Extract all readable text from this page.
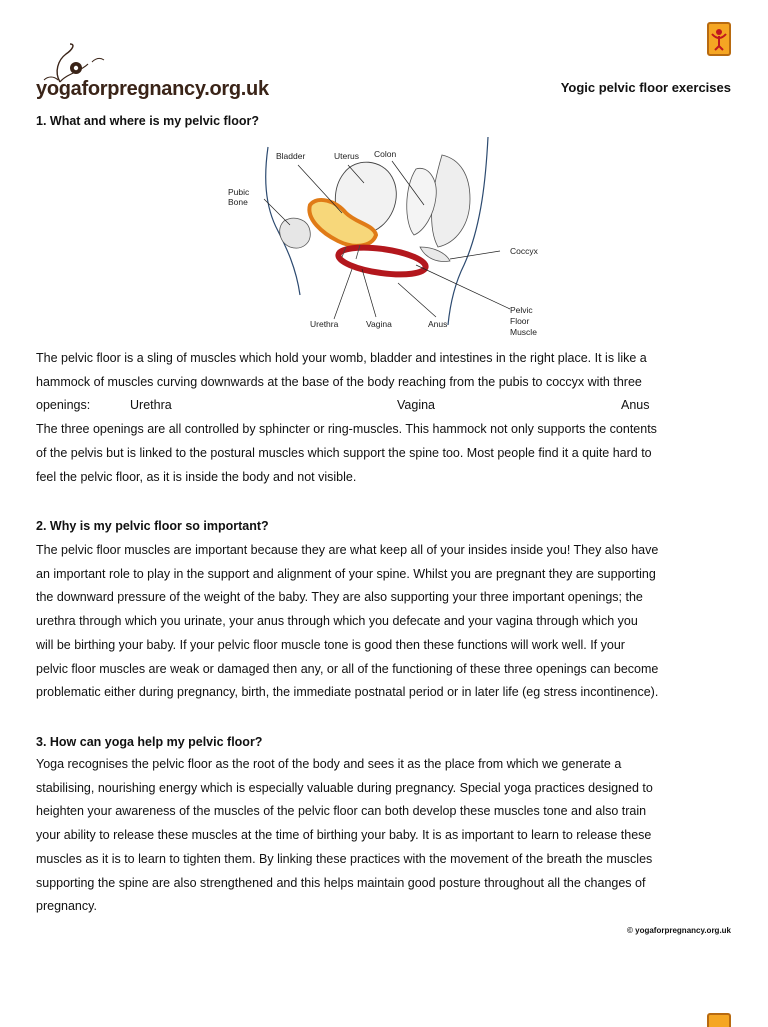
yogaforpregnancy.org.uk	Yogic pelvic floor exercises
1. What and where is my pelvic floor?
Bladder	Uterus Colon
Pubic
Bone
Coccyx
Urethra	Vagina	Anus
Pelvic
Floor
Muscle
The pelvic floor is a sling of muscles which hold your womb, bladder and intestines in the right place. It is like a
hammock of muscles curving downwards at the base of the body reaching from the pubis to coccyx with three
openings:	Urethra	Vagina	Anus
The three openings are all controlled by sphincter or ring-muscles. This hammock not only supports the contents
of the pelvis but is linked to the postural muscles which support the spine too. Most people find it a quite hard to
feel the pelvic floor, as it is inside the body and not visible.
2. Why is my pelvic floor so important?
The pelvic floor muscles are important because they are what keep all of your insides inside you! They also have
an important role to play in the support and alignment of your spine. Whilst you are pregnant they are supporting
the downward pressure of the weight of the baby. They are also supporting your three important openings; the
urethra through which you urinate, your anus through which you defecate and your vagina through which you
will be birthing your baby. If your pelvic floor muscle tone is good then these functions will work well. If your
pelvic floor muscles are weak or damaged then any, or all of the functioning of these three openings can become
problematic either during pregnancy, birth, the immediate postnatal period or in later life (eg stress incontinence).
3. How can yoga help my pelvic floor?
Yoga recognises the pelvic floor as the root of the body and sees it as the place from which we generate a
stabilising, nourishing energy which is especially valuable during pregnancy. Special yoga practices designed to
heighten your awareness of the muscles of the pelvic floor can both develop these muscles tone and also train
your ability to release these muscles at the time of birthing your baby. It is as important to learn to release these
muscles as it is to learn to tighten them. By linking these practices with the movement of the breath the muscles
supporting the spine are also strengthened and this helps maintain good posture throughout all the changes of
pregnancy.
© yogaforpregnancy.org.uk
